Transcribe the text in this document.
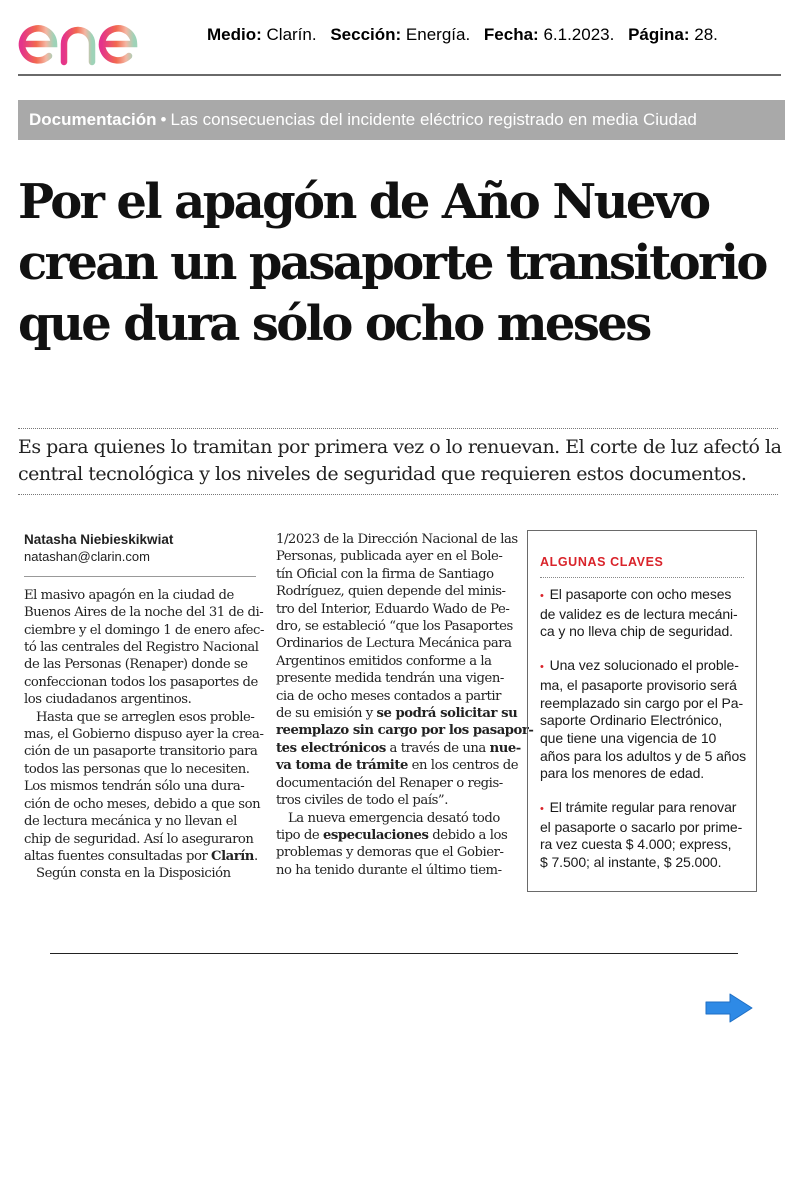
Medio: Clarín. Sección: Energía. Fecha: 6.1.2023. Página: 28.
Documentación • Las consecuencias del incidente eléctrico registrado en media Ciudad
Por el apagón de Año Nuevo
crean un pasaporte transitorio
que dura sólo ocho meses
Es para quienes lo tramitan por primera vez o lo renuevan. El corte de luz afectó la
central tecnológica y los niveles de seguridad que requieren estos documentos.
Natasha Niebieskikwiat
natashan@clarin.com
El masivo apagón en la ciudad de
Buenos Aires de la noche del 31 de di-
ciembre y el domingo 1 de enero afec-
tó las centrales del Registro Nacional
de las Personas (Renaper) donde se
confeccionan todos los pasaportes de
los ciudadanos argentinos.
Hasta que se arreglen esos proble-
mas, el Gobierno dispuso ayer la crea-
ción de un pasaporte transitorio para
todos las personas que lo necesiten.
Los mismos tendrán sólo una dura-
ción de ocho meses, debido a que son
de lectura mecánica y no llevan el
chip de seguridad. Así lo aseguraron
altas fuentes consultadas por Clarín.
Según consta en la Disposición
1/2023 de la Dirección Nacional de las
Personas, publicada ayer en el Bole-
tín Oficial con la firma de Santiago
Rodríguez, quien depende del minis-
tro del Interior, Eduardo Wado de Pe-
dro, se estableció “que los Pasaportes
Ordinarios de Lectura Mecánica para
Argentinos emitidos conforme a la
presente medida tendrán una vigen-
cia de ocho meses contados a partir
de su emisión y se podrá solicitar su
reemplazo sin cargo por los pasapor-
tes electrónicos a través de una nue-
va toma de trámite en los centros de
documentación del Renaper o regis-
tros civiles de todo el país”.
La nueva emergencia desató todo
tipo de especulaciones debido a los
problemas y demoras que el Gobier-
no ha tenido durante el último tiem-
ALGUNAS CLAVES
• El pasaporte con ocho meses
de validez es de lectura mecáni-
ca y no lleva chip de seguridad.
• Una vez solucionado el proble-
ma, el pasaporte provisorio será
reemplazado sin cargo por el Pa-
saporte Ordinario Electrónico,
que tiene una vigencia de 10
años para los adultos y de 5 años
para los menores de edad.
• El trámite regular para renovar
el pasaporte o sacarlo por prime-
ra vez cuesta $ 4.000; express,
$ 7.500; al instante, $ 25.000.
